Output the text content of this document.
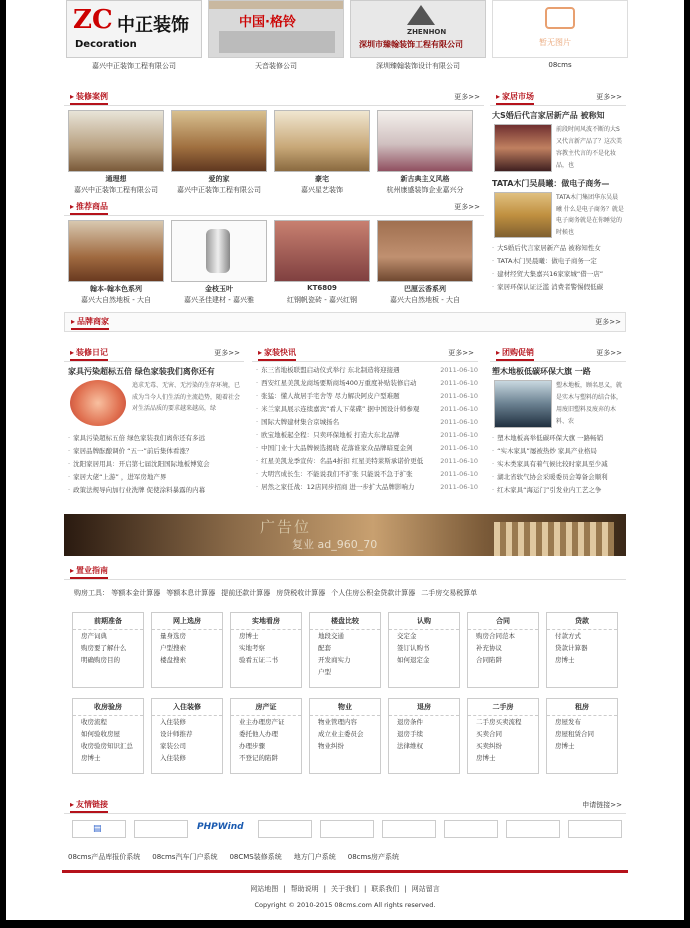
ZC 中正装饰
Decoration
中国·格铃
ZHENHON
深圳市臻翰装饰工程有限公司	暂无图片
嘉兴中正装饰工程有限公司	天音装修公司	深圳臻翰装饰设计有限公司	08cms
▸ 装修案例	更多>>
通理想	爱的家	豪宅	新古典主义风格
嘉兴中正装饰工程有限公司	嘉兴中正装饰工程有限公司	嘉兴星艺装饰	杭州康盛装饰企业嘉兴分
▸ 推荐商品	更多>>
翰本-翰本色系列	金枝玉叶	KT6809	巴厘云香系列
嘉兴大自然地板 - 大自	嘉兴圣佳建材 - 嘉兴雅	红钢帆瓷砖 - 嘉兴红钢	嘉兴大自然地板 - 大自
▸ 家居市场	更多>>
大S婚后代言家居新产品 被称知
前段时间风波不断的大S又代言新产品了？这次美容教主代言的不是化妆品，也
TATA木门吴晨曦：做电子商务—
TATA木门集团华东吴晨曦 什么是电子商务？就是电子商务就是在你睡觉的时候也
· 大S婚后代言家居新产品 被称知性女
· TATA木门吴晨曦：做电子商务一定
· 建材经贸大集嘉兴16家家城“借一店”
· 家居环保认证泛滥 消费者警惕假低碳
▸ 品牌商家	更多>>
▸ 装修日记	更多>>
家具污染超标五倍 绿色家装我们离你还有
追求无毒、无害、无污染的生存环境，已成为当今人们生活的主流趋势，随着社会对生活品质的要求越来越高，绿
· 家具污染超标五倍 绿色家装我们离你还有多远
· 家居品牌酝酿调价 “五一”前后集体看涨？
· 沈阳家居用具：开启第七届沈阳国际地板博览会
· 家居大佬“上游” ，进军房地产界
· 政策法规导向加行业洗牌 促使涂料暴露的内幕
▸ 家装快讯	更多>>
· 东三省地板联盟启动仪式举行 东北制造将迎接遇	2011-06-10
· 西安红星美凯龙商场要斯商场400万重度补贴装修启动	2011-06-10
· 张猛：懂人故居手宅舍等 尽力解决阿皮户型难题	2011-06-10
· 米兰家具展示连续嘉宾“看人下菜碟” 据中国设计师参观	2011-06-10
· 国际大牌建材集合京城扬名	2011-06-10
· 欧宝地板起全程：只卖环保地板 打造大东北品牌	2011-06-10
· 中国门业十大品牌候选揭晓 花落谁家众品牌暗夏金剑	2011-06-10
· 红星美凯龙季宣传：名品4折扣 红星美特莱斯承诺价更低	2011-06-10
· 大明宫成长生：不能说我们不扩张 只能说不急于扩张	2011-06-10
· 居然之家任战：12店同步招商 进一步扩大品牌影响力	2011-06-10
▸ 团购促销	更多>>
塑木地板低碳环保大旗 一路
塑木地板，顾名思义，就是实木与塑料的结合体，用废旧塑料及废弃的木料、农
· 塑木地板高举低碳环保大旗 一路畅销
· “实木家具”屡被热炒 家具产业格局
· 实木类家具有着气候比较时家具至少减
· 湖北省软气协会采暖委员会筹备会顺利
· 红木家具“海运门”引发业内工艺之争
广告位
复业 ad_960_70
▸ 置业指南
购房工具： 等额本金计算器 等额本息计算器 提前还款计算器 房贷税收计算器 个人住房公积金贷款计算器 二手房交易税算单
前期准备
房产词典
购房要了解什么
明确购房目的
网上选房
量身选房
户型搜索
楼盘搜索
实地看房
房博士
实地考察
验看五证二书
楼盘比较
地段交通
配套
开发商实力
户型
认购
交定金
签订认购书
如何退定金
合同
购房合同范本
补充协议
合同陷阱
贷款
付款方式
贷款计算器
房博士
收房验房
收房流程
如何验收房屋
收房验房知识汇总
房博士
入住装修
入住装修
设计师推荐
家装公司
入住装修
房产证
业主办理房产证
委托他人办理
办理步骤
不登记的陷阱
物业
物业管理内容
成立业主委员会
物业纠纷
退房
退房条件
退房手续
法律维权
二手房
二手房买卖流程
买卖合同
买卖纠纷
房博士
租房
房屋发布
房屋租赁合同
房博士
▸ 友情链接	申请链接>>
▤	PHPWind
08cms产品库报价系统 08cms汽车门户系统 08CMS装修系统 地方门户系统 08cms房产系统
网站地图 | 帮助说明 | 关于我们 | 联系我们 | 网站留言
Copyright © 2010-2015 08cms.com All rights reserved.
